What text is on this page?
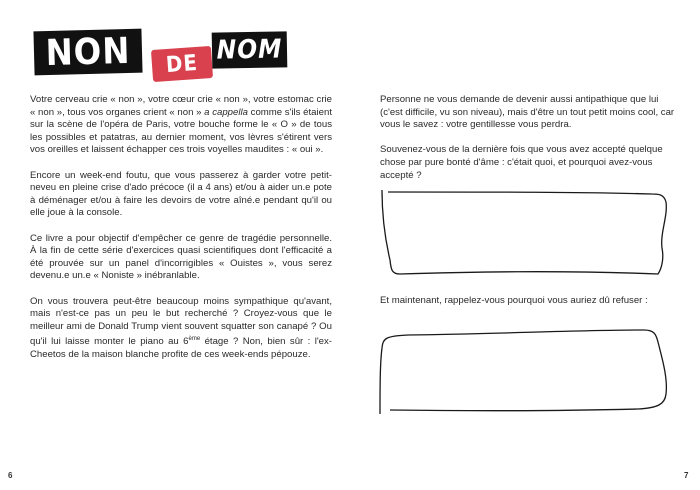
NON	DE NOM

Votre cerveau crie « non », votre cœur crie « non », votre estomac crie « non », tous vos organes crient « non » a cappella comme s'ils étaient sur la scène de l'opéra de Paris, votre bouche forme le « O » de tous les possibles et patatras, au dernier moment, vos lèvres s'étirent vers vos oreilles et laissent échapper ces trois voyelles maudites : « oui ».

Encore un week-end foutu, que vous passerez à garder votre petit-neveu en pleine crise d'ado précoce (il a 4 ans) et/ou à aider un.e pote à déménager et/ou à faire les devoirs de votre aîné.e pendant qu'il ou elle joue à la console.

Ce livre a pour objectif d'empêcher ce genre de tragédie personnelle. À la fin de cette série d'exercices quasi scientifiques dont l'efficacité a été prouvée sur un panel d'incorrigibles « Ouistes », vous serez devenu.e un.e « Noniste » inébranlable.

On vous trouvera peut-être beaucoup moins sympathique qu'avant, mais n'est-ce pas un peu le but recherché ? Croyez-vous que le meilleur ami de Donald Trump vient souvent squatter son canapé ? Ou qu'il lui laisse monter le piano au 6ème étage ? Non, bien sûr : l'ex-Cheetos de la maison blanche profite de ces week-ends pépouze.

Personne ne vous demande de devenir aussi antipathique que lui (c'est difficile, vu son niveau), mais d'être un tout petit moins cool, car vous le savez : votre gentillesse vous perdra.

Souvenez-vous de la dernière fois que vous avez accepté quelque chose par pure bonté d'âme : c'était quoi, et pourquoi avez-vous accepté ?

Et maintenant, rappelez-vous pourquoi vous auriez dû refuser :

6	7
